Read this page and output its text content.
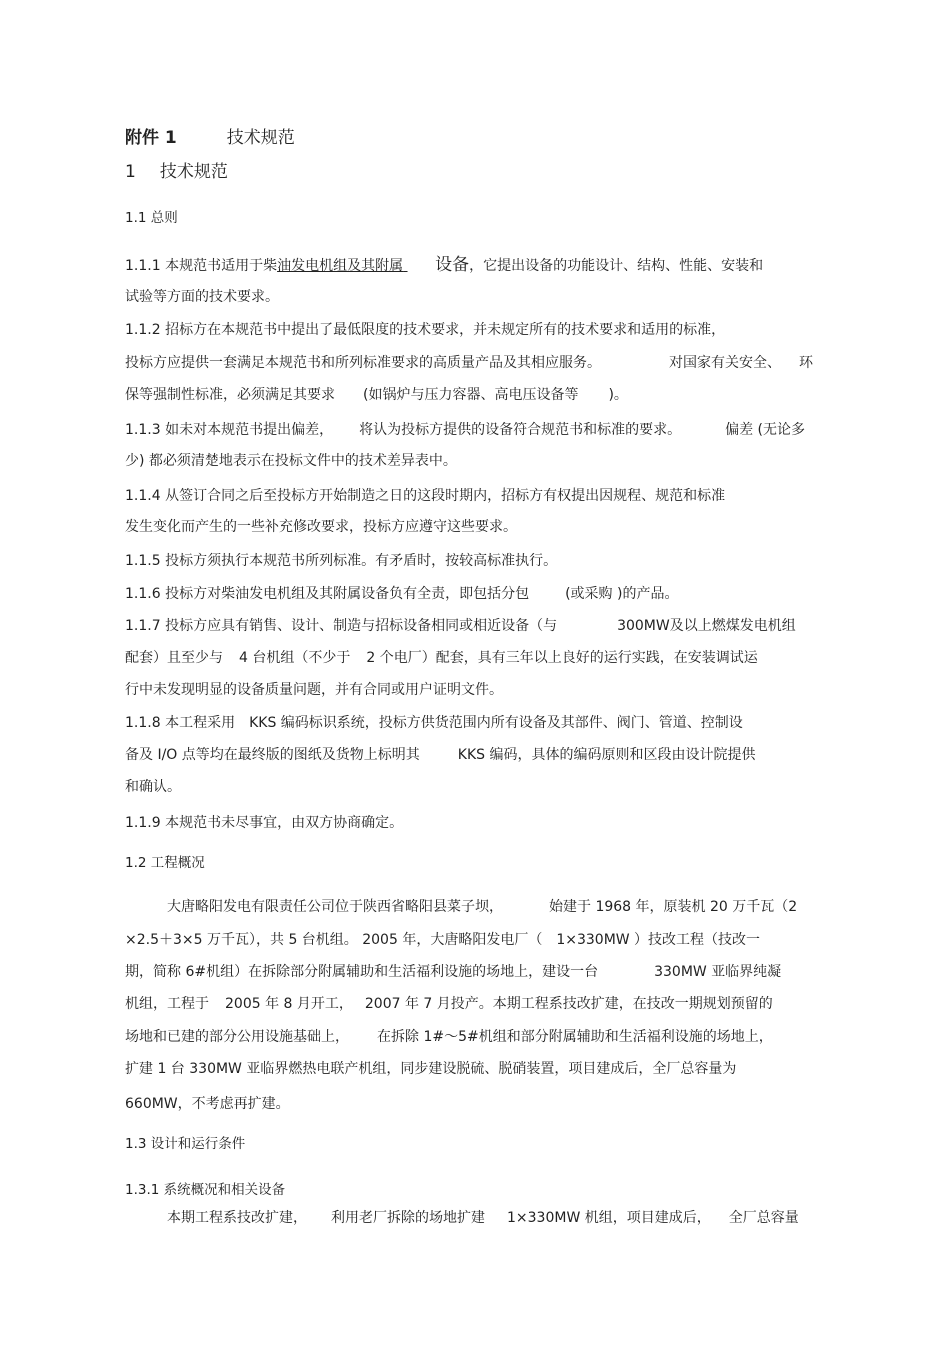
附件 1	技术规范
1 技术规范
1.1 总则
1.1.1 本规范书适用于柴油发电机组及其附属 设备，它提出设备的功能设计、结构、性能、安装和
试验等方面的技术要求。
1.1.2 招标方在本规范书中提出了最低限度的技术要求，并未规定所有的技术要求和适用的标准，
投标方应提供一套满足本规范书和所列标准要求的高质量产品及其相应服务。	对国家有关安全、 环
保等强制性标准，必须满足其要求 (如锅炉与压力容器、高电压设备等 )。
1.1.3 如未对本规范书提出偏差， 将认为投标方提供的设备符合规范书和标准的要求。	偏差 (无论多
少) 都必须清楚地表示在投标文件中的技术差异表中。
1.1.4 从签订合同之后至投标方开始制造之日的这段时期内，招标方有权提出因规程、规范和标准
发生变化而产生的一些补充修改要求，投标方应遵守这些要求。
1.1.5 投标方须执行本规范书所列标准。有矛盾时，按较高标准执行。
1.1.6 投标方对柴油发电机组及其附属设备负有全责，即包括分包	(或采购 )的产品。
1.1.7 投标方应具有销售、设计、制造与招标设备相同或相近设备（与	300MW及以上燃煤发电机组
配套）且至少与 4 台机组（不少于 2 个电厂）配套，具有三年以上良好的运行实践，在安装调试运
行中未发现明显的设备质量问题，并有合同或用户证明文件。
1.1.8 本工程采用 KKS 编码标识系统，投标方供货范围内所有设备及其部件、阀门、管道、控制设
备及 I/O 点等均在最终版的图纸及货物上标明其	KKS 编码，具体的编码原则和区段由设计院提供
和确认。
1.1.9 本规范书未尽事宜，由双方协商确定。
1.2 工程概况
大唐略阳发电有限责任公司位于陕西省略阳县菜子坝，	始建于 1968 年，原装机 20 万千瓦（2
×2.5＋3×5 万千瓦），共 5 台机组。 2005 年，大唐略阳发电厂（ 1×330MW ）技改工程（技改一
期，简称 6#机组）在拆除部分附属辅助和生活福利设施的场地上，建设一台	330MW 亚临界纯凝
机组，工程于 2005 年 8 月开工， 2007 年 7 月投产。本期工程系技改扩建，在技改一期规划预留的
场地和已建的部分公用设施基础上， 在拆除 1#～5#机组和部分附属辅助和生活福利设施的场地上，
扩建 1 台 330MW 亚临界燃热电联产机组，同步建设脱硫、脱硝装置，项目建成后，全厂总容量为
660MW，不考虑再扩建。
1.3 设计和运行条件
1.3.1 系统概况和相关设备
本期工程系技改扩建， 利用老厂拆除的场地扩建 1×330MW 机组，项目建成后， 全厂总容量
